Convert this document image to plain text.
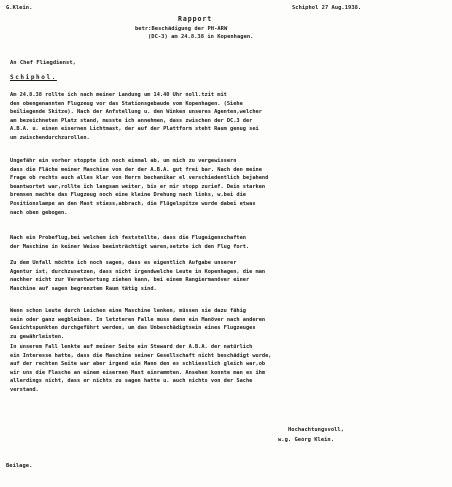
G.Klein.	Schiphol 27 Aug.1938.
Rapport
betr:Beschädigung der PH-ARW
(DC-3) am 24.8.38 in Kopenhagen.
An Chef Fliegdienst,
Schiphol.
Am 24.8.38 rollte ich nach meiner Landung um 14.40 Uhr noll.tzit mit
den obengenannten Flugzeug vor das Stationsgebaude vom Kopenhagen. (Siehe
beiliegende Skitze). Nach der Anfstellung u. den Winken unseres Agenten,welcher
am bezeichneten Platz stand, musste ich annehmen, dass zwischen der DC.3 der
A.B.A. u. einen eisernen Lichtmast, der auf der Plattform steht Raum genug sei
um zwischendurchzurollen.
Ungefähr ein vorher stoppte ich noch einmal ab, um mich zu vergewissern
dass die Fläche meiner Maschine von der der A.B.A. gut frei bar. Nach den meine
Frage ob rechts auch alles klar von Herrn bechanikar el verschiedentlich bejahend
beantwortet war,rollte ich langsam weiter, bis er mir stopp zurief. Dein starken
bremsen machte das Flugzeug noch eine kleine Drehung nach links, w.bei die
Positionslampe an den Mast stiess,abbrach, die Flügelspitze wurde dabei etwas
nach oben gebogen.
Nach ein Probeflug,bei welchem ich feststellte, dass die Flugeigenschaften
der Maschine in keiner Weise beeinträchtigt waren,setzte ich den Flug fort.
Zu dem Unfall möchte ich noch sagen, dass es eigentlich Aufgabe unserer
Agentur ist, durchzusetzen, dass nicht irgendwelche Leute in Kopenhagen, die man
nachher nicht zur Verantwortung ziehen kann, bei einem Rangiermanöver einer
Maschine auf sagen begrenztem Raum tätig sind.
Wenn schon Leute durch Leichen eine Maschine lenken, müssen sie dazu fähig
sein oder ganz wegbleiben. In letzteren Falle muss dann ein Manöver nach anderen
Gesichtspunkten durchgeführt werden, um das Unbeschädigtsein eines Flugzeuges
zu gewährleisten.
In unserem Fall lenkte auf meiner Seite ein Steward der A.B.A. der natürlich
ein Interesse hatte, dass die Maschine seiner Gesellschaft nicht beschädigt wurde,
auf der rechten Seite war aber irgend ein Mann den es schliesslich gleich war,ob
wir uns die Flasche an einem eisernen Mast einrammten. Ansehen konnte man es ihm
allerdings nicht, dass er nichts zu sagen hatte u. auch nichts von der Sache
verstand.
Hochachtungsvoll,
w.g. Georg Klein.
Beilage.
